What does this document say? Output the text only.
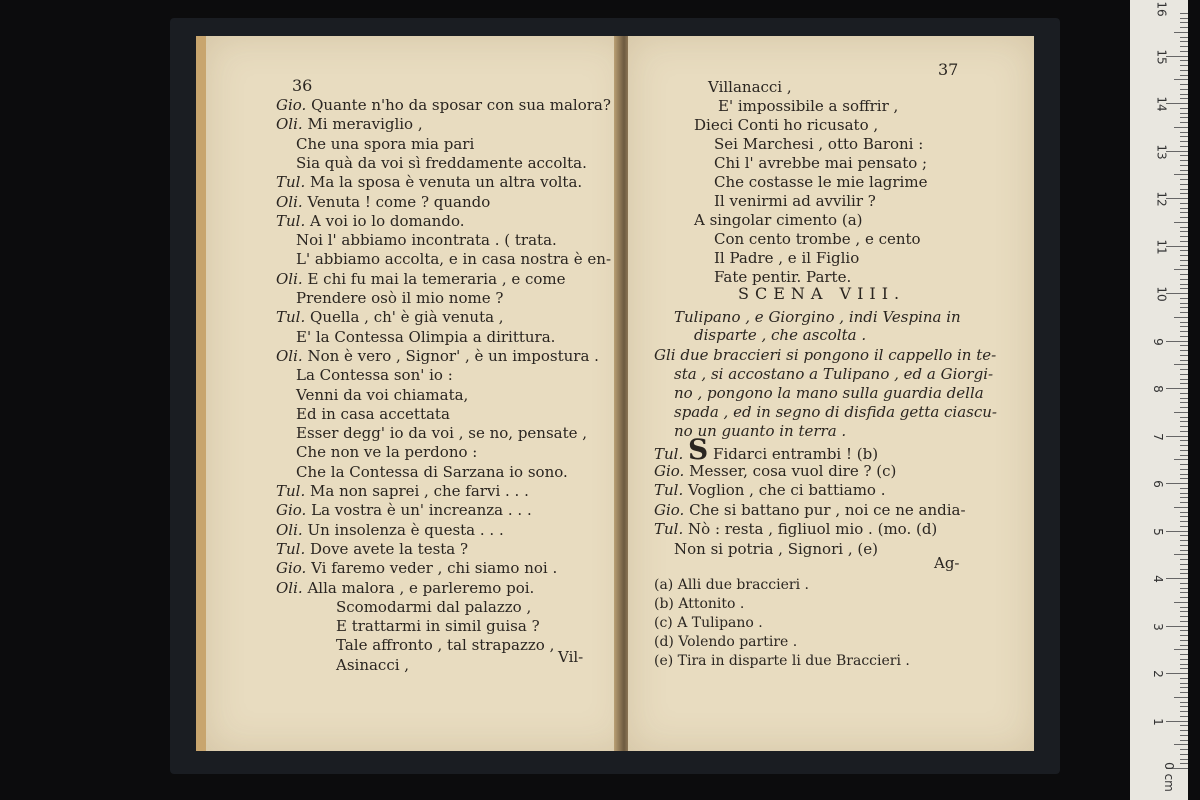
36
Gio. Quante n'ho da sposar con sua malora?
Oli. Mi meraviglio ,
Che una spora mia pari
Sia quà da voi sì freddamente accolta.
Tul. Ma la sposa è venuta un altra volta.
Oli. Venuta ! come ? quando
Tul. A voi io lo domando.
Noi l' abbiamo incontrata . ( trata.
L' abbiamo accolta, e in casa nostra è en-
Oli. E chi fu mai la temeraria , e come
Prendere osò il mio nome ?
Tul. Quella , ch' è già venuta ,
E' la Contessa Olimpia a dirittura.
Oli. Non è vero , Signor' , è un impostura .
La Contessa son' io :
Venni da voi chiamata,
Ed in casa accettata
Esser degg' io da voi , se no, pensate ,
Che non ve la perdono :
Che la Contessa di Sarzana io sono.
Tul. Ma non saprei , che farvi . . .
Gio. La vostra è un' increanza . . .
Oli. Un insolenza è questa . . .
Tul. Dove avete la testa ?
Gio. Vi faremo veder , chi siamo noi .
Oli. Alla malora , e parleremo poi.
Scomodarmi dal palazzo ,
E trattarmi in simil guisa ?
Tale affronto , tal strapazzo ,
Asinacci ,	Vil-
37
Villanacci ,
E' impossibile a soffrir ,
Dieci Conti ho ricusato ,
Sei Marchesi , otto Baroni :
Chi l' avrebbe mai pensato ;
Che costasse le mie lagrime
Il venirmi ad avvilir ?
A singolar cimento (a)
Con cento trombe , e cento
Il Padre , e il Figlio
Fate pentir. Parte.
SCENA VIII.
Tulipano , e Giorgino , indi Vespina in
disparte , che ascolta .
Gli due braccieri si pongono il cappello in te-
sta , si accostano a Tulipano , ed a Giorgi-
no , pongono la mano sulla guardia della
spada , ed in segno di disfida getta ciascu-
no un guanto in terra .
Tul. S Fidarci entrambi ! (b)
Gio. Messer, cosa vuol dire ? (c)
Tul. Voglion , che ci battiamo .
Gio. Che si battano pur , noi ce ne andia-
Tul. Nò : resta , figliuol mio . (mo. (d)
Non si potria , Signori , (e)
Ag-
(a) Alli due braccieri .
(b) Attonito .
(c) A Tulipano .
(d) Volendo partire .
(e) Tira in disparte li due Braccieri .
1
2
3
4
5
6
7
8
9
10
11
12
13
14
15
16
0 cm
